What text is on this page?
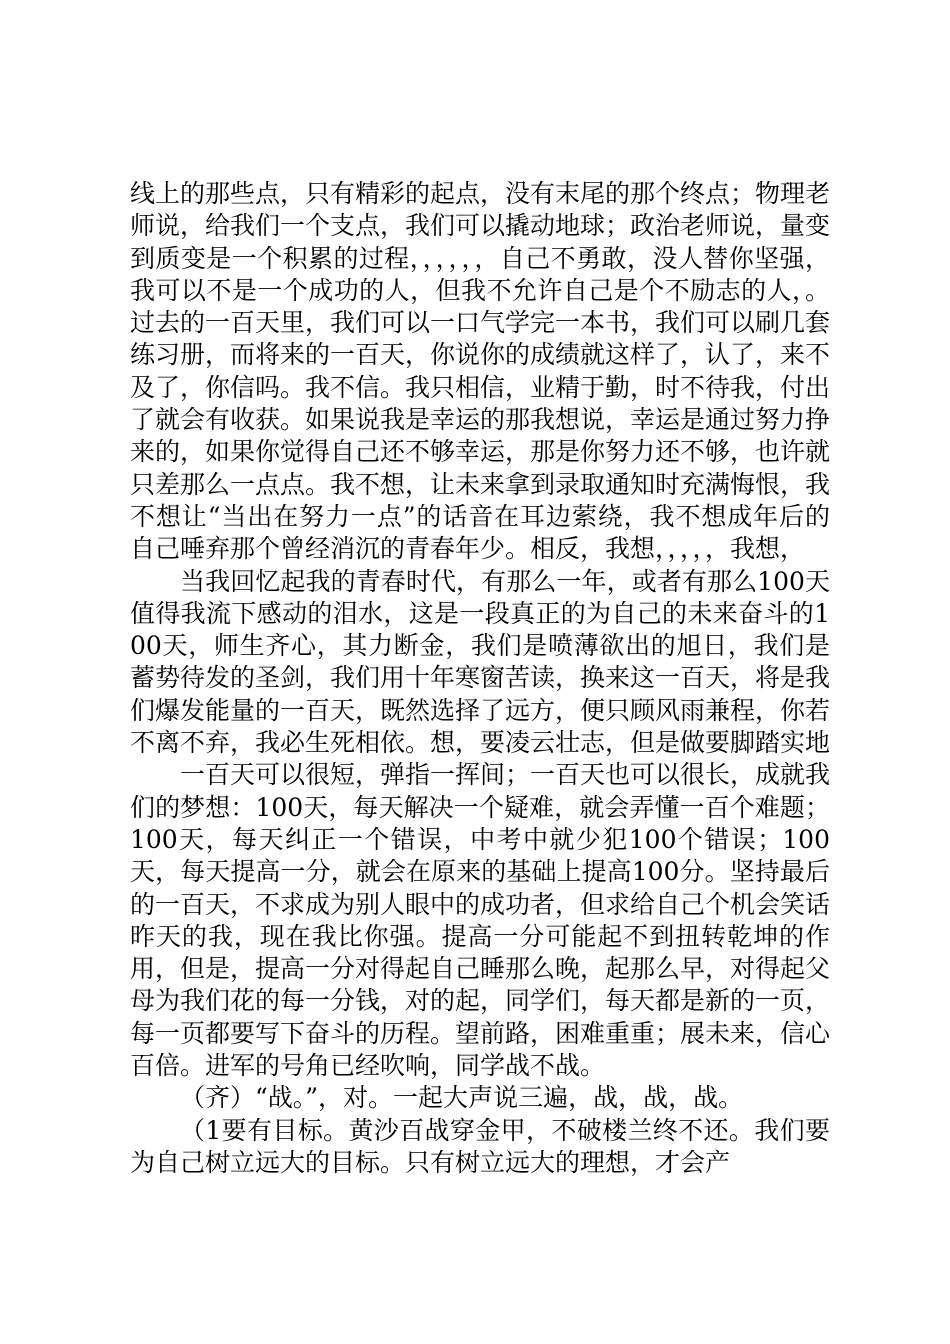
线上的那些点，只有精彩的起点，没有末尾的那个终点；物理老师说，给我们一个支点，我们可以撬动地球；政治老师说，量变到质变是一个积累的过程，，，，，，自己不勇敢，没人替你坚强，我可以不是一个成功的人，但我不允许自己是个不励志的人，。过去的一百天里，我们可以一口气学完一本书，我们可以刷几套练习册，而将来的一百天，你说你的成绩就这样了，认了，来不及了，你信吗。我不信。我只相信，业精于勤，时不待我，付出了就会有收获。如果说我是幸运的那我想说，幸运是通过努力挣来的，如果你觉得自己还不够幸运，那是你努力还不够，也许就只差那么一点点。我不想，让未来拿到录取通知时充满悔恨，我不想让“当出在努力一点”的话音在耳边萦绕，我不想成年后的自己唾弃那个曾经消沉的青春年少。相反，我想，，，，，我想，

当我回忆起我的青春时代，有那么一年，或者有那么100天值得我流下感动的泪水，这是一段真正的为自己的未来奋斗的100天，师生齐心，其力断金，我们是喷薄欲出的旭日，我们是蓄势待发的圣剑，我们用十年寒窗苦读，换来这一百天，将是我们爆发能量的一百天，既然选择了远方，便只顾风雨兼程，你若不离不弃，我必生死相依。想，要凌云壮志，但是做要脚踏实地

一百天可以很短，弹指一挥间；一百天也可以很长，成就我们的梦想：100天，每天解决一个疑难，就会弄懂一百个难题；100天，每天纠正一个错误，中考中就少犯100个错误；100天，每天提高一分，就会在原来的基础上提高100分。坚持最后的一百天，不求成为别人眼中的成功者，但求给自己个机会笑话昨天的我，现在我比你强。提高一分可能起不到扭转乾坤的作用，但是，提高一分对得起自己睡那么晚，起那么早，对得起父母为我们花的每一分钱，对的起，同学们，每天都是新的一页，每一页都要写下奋斗的历程。望前路，困难重重；展未来，信心百倍。进军的号角已经吹响，同学战不战。

（齐）“战。”，对。一起大声说三遍，战，战，战。

（1要有目标。黄沙百战穿金甲，不破楼兰终不还。我们要为自己树立远大的目标。只有树立远大的理想，才会产
